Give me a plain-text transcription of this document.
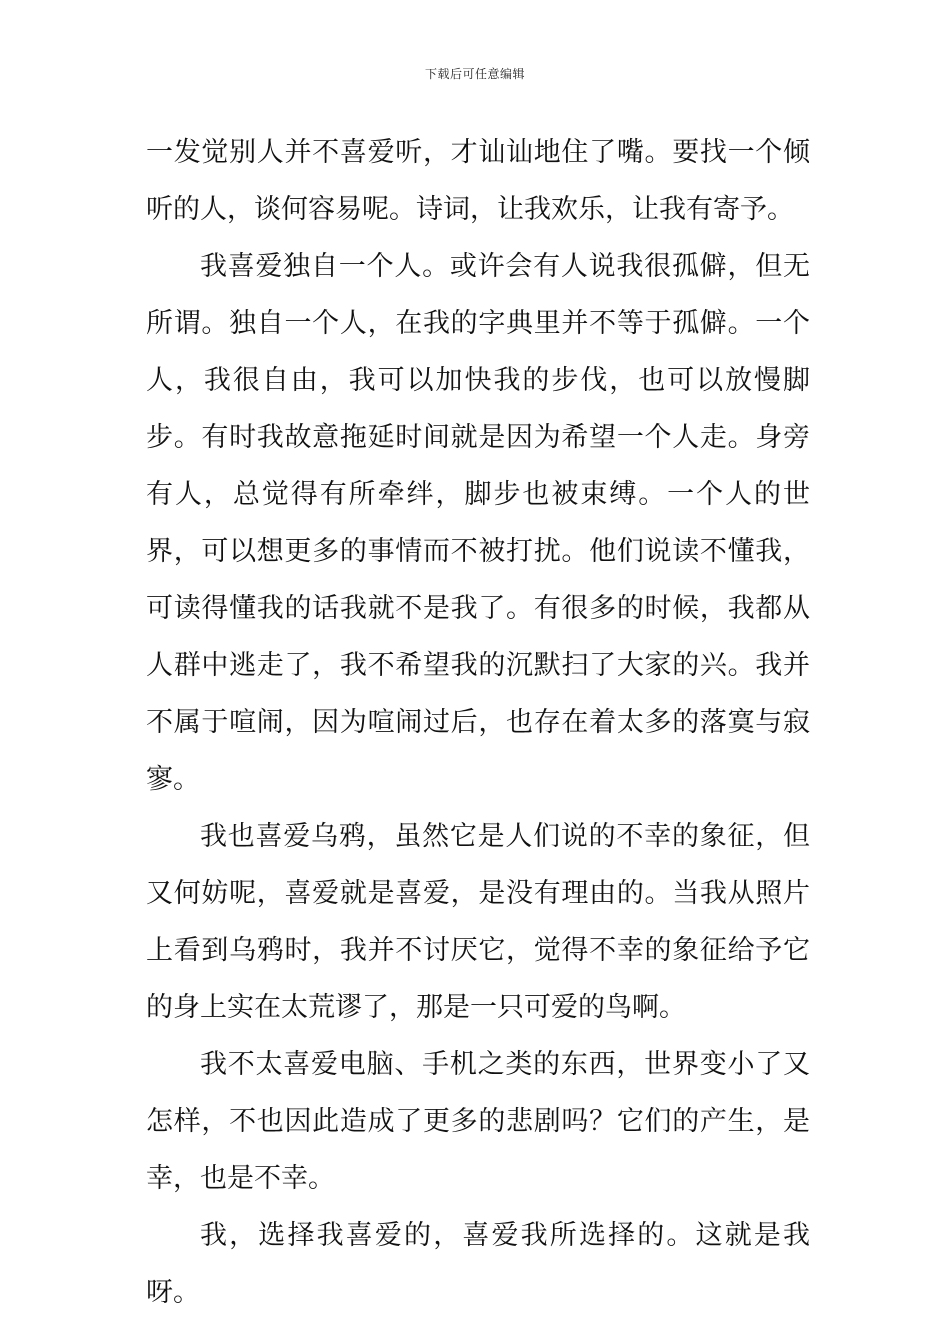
下载后可任意编辑

一发觉别人并不喜爱听，才讪讪地住了嘴。要找一个倾听的人，谈何容易呢。诗词，让我欢乐，让我有寄予。

我喜爱独自一个人。或许会有人说我很孤僻，但无所谓。独自一个人，在我的字典里并不等于孤僻。一个人，我很自由，我可以加快我的步伐，也可以放慢脚步。有时我故意拖延时间就是因为希望一个人走。身旁有人，总觉得有所牵绊，脚步也被束缚。一个人的世界，可以想更多的事情而不被打扰。他们说读不懂我，可读得懂我的话我就不是我了。有很多的时候，我都从人群中逃走了，我不希望我的沉默扫了大家的兴。我并不属于喧闹，因为喧闹过后，也存在着太多的落寞与寂寥。

我也喜爱乌鸦，虽然它是人们说的不幸的象征，但又何妨呢，喜爱就是喜爱，是没有理由的。当我从照片上看到乌鸦时，我并不讨厌它，觉得不幸的象征给予它的身上实在太荒谬了，那是一只可爱的鸟啊。

我不太喜爱电脑、手机之类的东西，世界变小了又怎样，不也因此造成了更多的悲剧吗？它们的产生，是幸，也是不幸。

我，选择我喜爱的，喜爱我所选择的。这就是我呀。
